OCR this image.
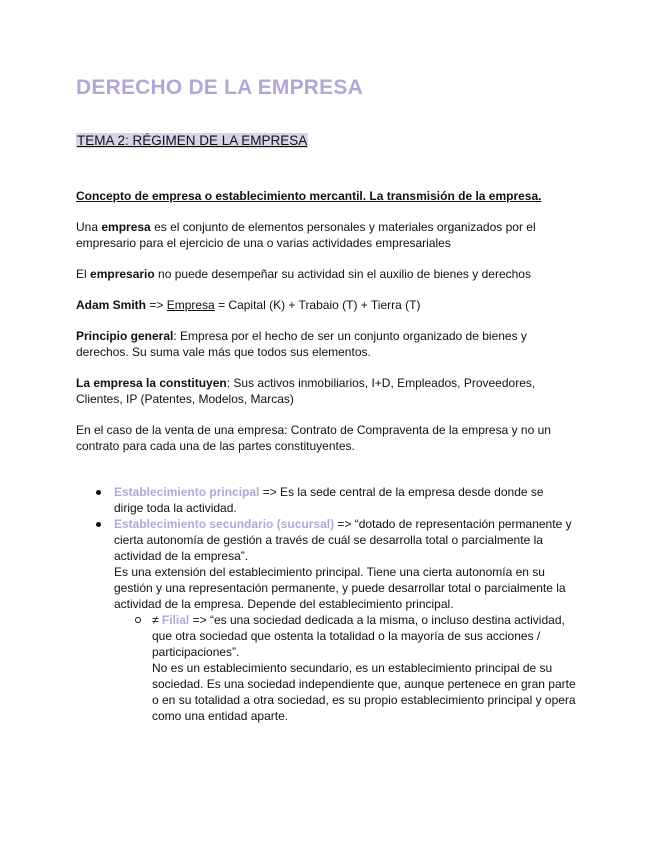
DERECHO DE LA EMPRESA
TEMA 2: RÉGIMEN DE LA EMPRESA

Concepto de empresa o establecimiento mercantil. La transmisión de la empresa.

Una empresa es el conjunto de elementos personales y materiales organizados por el empresario para el ejercicio de una o varias actividades empresariales

El empresario no puede desempeñar su actividad sin el auxilio de bienes y derechos

Adam Smith => Empresa = Capital (K) + Trabaio (T) + Tierra (T)

Principio general: Empresa por el hecho de ser un conjunto organizado de bienes y derechos. Su suma vale más que todos sus elementos.

La empresa la constituyen: Sus activos inmobiliarios, I+D, Empleados, Proveedores, Clientes, IP (Patentes, Modelos, Marcas)

En el caso de la venta de una empresa: Contrato de Compraventa de la empresa y no un contrato para cada una de las partes constituyentes.

Establecimiento principal => Es la sede central de la empresa desde donde se dirige toda la actividad.
Establecimiento secundario (sucursal) => “dotado de representación permanente y cierta autonomía de gestión a través de cuál se desarrolla total o parcialmente la actividad de la empresa”.
Es una extensión del establecimiento principal. Tiene una cierta autonomía en su gestión y una representación permanente, y puede desarrollar total o parcialmente la actividad de la empresa. Depende del establecimiento principal.
≠ Filial => “es una sociedad dedicada a la misma, o incluso destina actividad, que otra sociedad que ostenta la totalidad o la mayoría de sus acciones / participaciones”.
No es un establecimiento secundario, es un establecimiento principal de su sociedad. Es una sociedad independiente que, aunque pertenece en gran parte o en su totalidad a otra sociedad, es su propio establecimiento principal y opera como una entidad aparte.
